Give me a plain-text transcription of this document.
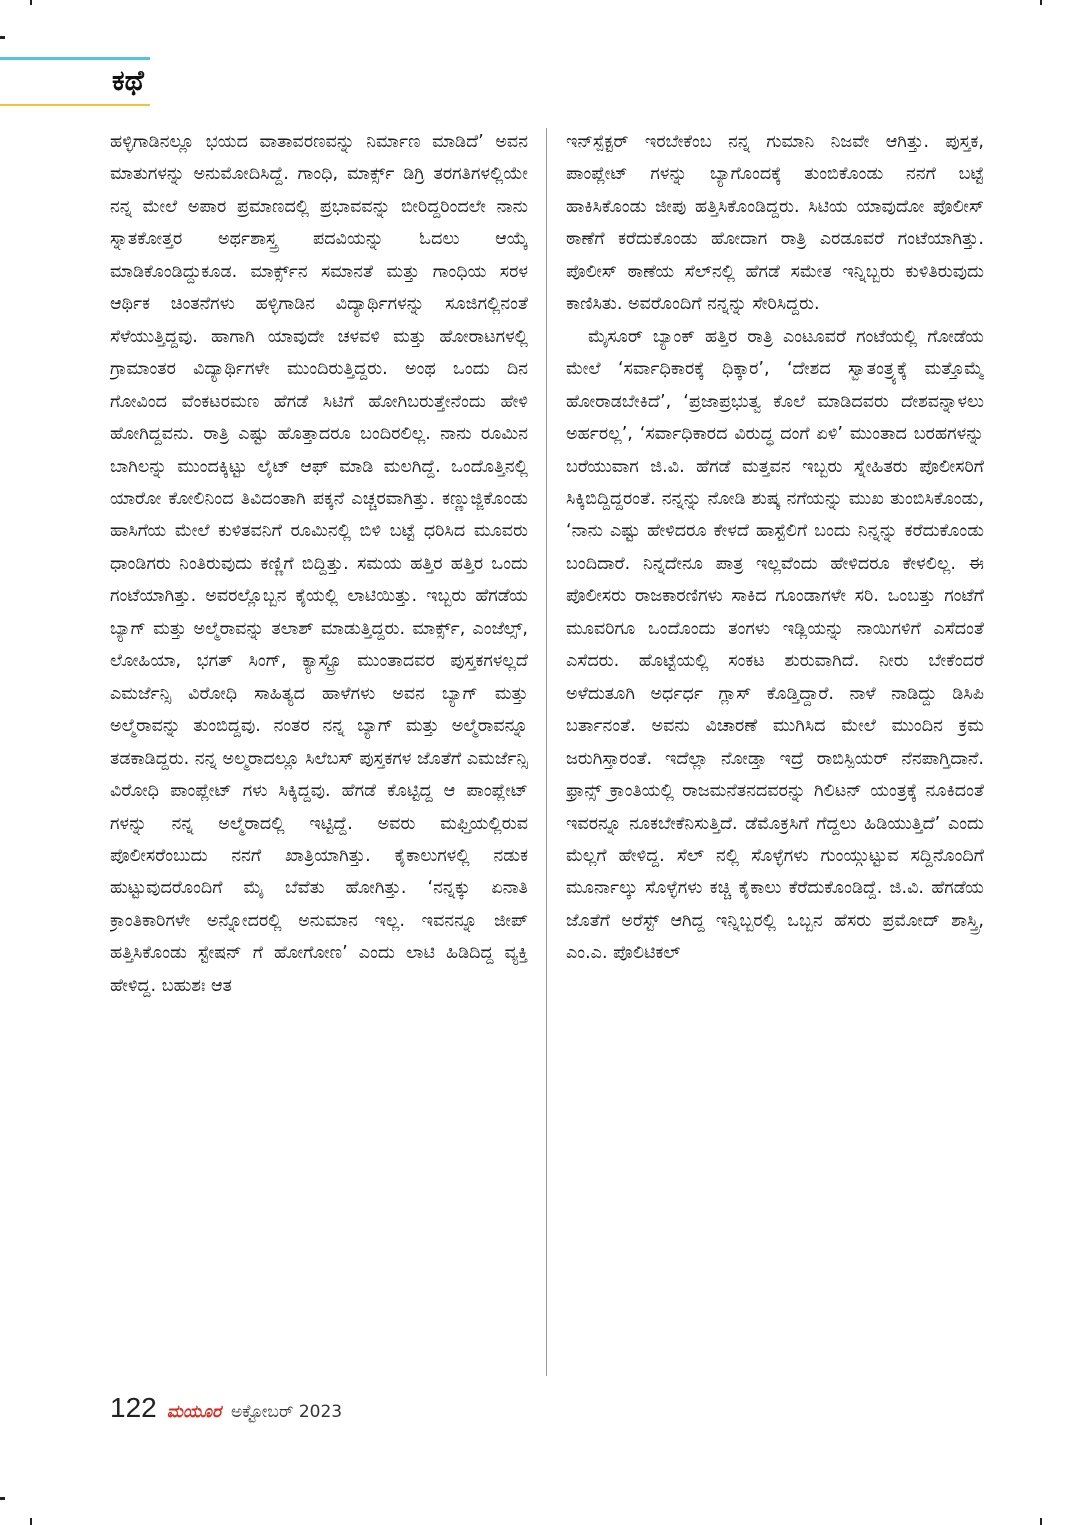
ಕಥೆ

ಹಳ್ಳಿಗಾಡಿನಲ್ಲೂ ಭಯದ ವಾತಾವರಣವನ್ನು ನಿರ್ಮಾಣ ಮಾಡಿದೆ’ ಅವನ ಮಾತುಗಳನ್ನು ಅನುಮೋದಿಸಿದ್ದೆ. ಗಾಂಧಿ, ಮಾರ್ಕ್ಸ್ ಡಿಗ್ರಿ ತರಗತಿಗಳಲ್ಲಿಯೇ ನನ್ನ ಮೇಲೆ ಅಪಾರ ಪ್ರಮಾಣದಲ್ಲಿ ಪ್ರಭಾವವನ್ನು ಬೀರಿದ್ದರಿಂದಲೇ ನಾನು ಸ್ನಾತಕೋತ್ತರ ಅರ್ಥಶಾಸ್ತ್ರ ಪದವಿಯನ್ನು ಓದಲು ಆಯ್ಕೆ ಮಾಡಿಕೊಂಡಿದ್ದುಕೂಡ. ಮಾರ್ಕ್ಸ್‌ನ ಸಮಾನತೆ ಮತ್ತು ಗಾಂಧಿಯ ಸರಳ ಆರ್ಥಿಕ ಚಿಂತನೆಗಳು ಹಳ್ಳಿಗಾಡಿನ ವಿದ್ಯಾರ್ಥಿಗಳನ್ನು ಸೂಜಿಗಲ್ಲಿನಂತೆ ಸೆಳೆಯುತ್ತಿದ್ದವು. ಹಾಗಾಗಿ ಯಾವುದೇ ಚಳವಳಿ ಮತ್ತು ಹೋರಾಟಗಳಲ್ಲಿ ಗ್ರಾಮಾಂತರ ವಿದ್ಯಾರ್ಥಿಗಳೇ ಮುಂದಿರುತ್ತಿದ್ದರು. ಅಂಥ ಒಂದು ದಿನ ಗೋವಿಂದ ವೆಂಕಟರಮಣ ಹೆಗಡೆ ಸಿಟಿಗೆ ಹೋಗಿಬರುತ್ತೇನೆಂದು ಹೇಳಿ ಹೋಗಿದ್ದವನು. ರಾತ್ರಿ ಎಷ್ಟು ಹೊತ್ತಾದರೂ ಬಂದಿರಲಿಲ್ಲ. ನಾನು ರೂಮಿನ ಬಾಗಿಲನ್ನು ಮುಂದಕ್ಕಿಟ್ಟು ಲೈಟ್ ಆಫ್ ಮಾಡಿ ಮಲಗಿದ್ದೆ. ಒಂದೊತ್ತಿನಲ್ಲಿ ಯಾರೋ ಕೋಲಿನಿಂದ ತಿವಿದಂತಾಗಿ ಪಕ್ಕನೆ ಎಚ್ಚರವಾಗಿತ್ತು. ಕಣ್ಣುಜ್ಜಿಕೊಂಡು ಹಾಸಿಗೆಯ ಮೇಲೆ ಕುಳಿತವನಿಗೆ ರೂಮಿನಲ್ಲಿ ಬಿಳಿ ಬಟ್ಟೆ ಧರಿಸಿದ ಮೂವರು ಧಾಂಡಿಗರು ನಿಂತಿರುವುದು ಕಣ್ಣಿಗೆ ಬಿದ್ದಿತ್ತು. ಸಮಯ ಹತ್ತಿರ ಹತ್ತಿರ ಒಂದು ಗಂಟೆಯಾಗಿತ್ತು. ಅವರಲ್ಲೊಬ್ಬನ ಕೈಯಲ್ಲಿ ಲಾಟಿಯಿತ್ತು. ಇಬ್ಬರು ಹೆಗಡೆಯ ಬ್ಯಾಗ್ ಮತ್ತು ಅಲ್ಮೆರಾವನ್ನು ತಲಾಶ್ ಮಾಡುತ್ತಿದ್ದರು. ಮಾರ್ಕ್ಸ್, ಎಂಜೆಲ್ಸ್, ಲೋಹಿಯಾ, ಭಗತ್ ಸಿಂಗ್, ಕ್ಯಾಸ್ಟ್ರೊ ಮುಂತಾದವರ ಪುಸ್ತಕಗಳಲ್ಲದೆ ಎಮರ್ಜೆನ್ಸಿ ವಿರೋಧಿ ಸಾಹಿತ್ಯದ ಹಾಳೆಗಳು ಅವನ ಬ್ಯಾಗ್ ಮತ್ತು ಅಲ್ಮೆರಾವನ್ನು ತುಂಬಿದ್ದವು. ನಂತರ ನನ್ನ ಬ್ಯಾಗ್ ಮತ್ತು ಅಲ್ಮೆರಾವನ್ನೂ ತಡಕಾಡಿದ್ದರು. ನನ್ನ ಅಲ್ಮರಾದಲ್ಲೂ ಸಿಲೆಬಸ್ ಪುಸ್ತಕಗಳ ಜೊತೆಗೆ ಎಮರ್ಜೆನ್ಸಿ ವಿರೋಧಿ ಪಾಂಪ್ಲೇಟ್ ಗಳು ಸಿಕ್ಕಿದ್ದವು. ಹೆಗಡೆ ಕೊಟ್ಟಿದ್ದ ಆ ಪಾಂಪ್ಲೇಟ್ ಗಳನ್ನು ನನ್ನ ಅಲ್ಮೆರಾದಲ್ಲಿ ಇಟ್ಟಿದ್ದೆ. ಅವರು ಮಫ್ತಿಯಲ್ಲಿರುವ ಪೊಲೀಸರೆಂಬುದು ನನಗೆ ಖಾತ್ರಿಯಾಗಿತ್ತು. ಕೈಕಾಲುಗಳಲ್ಲಿ ನಡುಕ ಹುಟ್ಟುವುದರೊಂದಿಗೆ ಮೈ ಬೆವೆತು ಹೋಗಿತ್ತು. ‘ನನ್ನಕ್ಕು ಏನಾತಿ ಕ್ರಾಂತಿಕಾರಿಗಳೇ ಅನ್ನೋದರಲ್ಲಿ ಅನುಮಾನ ಇಲ್ಲ. ಇವನನ್ನೂ ಜೀಪ್ ಹತ್ತಿಸಿಕೊಂಡು ಸ್ಟೇಷನ್ ಗೆ ಹೋಗೋಣ’ ಎಂದು ಲಾಟಿ ಹಿಡಿದಿದ್ದ ವ್ಯಕ್ತಿ ಹೇಳಿದ್ದ. ಬಹುಶಃ ಆತ

ಇನ್‌ಸ್ಪೆಕ್ಟರ್ ಇರಬೇಕೆಂಬ ನನ್ನ ಗುಮಾನಿ ನಿಜವೇ ಆಗಿತ್ತು. ಪುಸ್ತಕ, ಪಾಂಪ್ಲೇಟ್ ಗಳನ್ನು ಬ್ಯಾಗೊಂದಕ್ಕೆ ತುಂಬಿಕೊಂಡು ನನಗೆ ಬಟ್ಟೆ ಹಾಕಿಸಿಕೊಂಡು ಜೀಪು ಹತ್ತಿಸಿಕೊಂಡಿದ್ದರು. ಸಿಟಿಯ ಯಾವುದೋ ಪೊಲೀಸ್ ಠಾಣೆಗೆ ಕರೆದುಕೊಂಡು ಹೋದಾಗ ರಾತ್ರಿ ಎರಡೂವರೆ ಗಂಟೆಯಾಗಿತ್ತು. ಪೊಲೀಸ್ ಠಾಣೆಯ ಸೆಲ್‌ನಲ್ಲಿ ಹೆಗಡೆ ಸಮೇತ ಇನ್ನಿಬ್ಬರು ಕುಳಿತಿರುವುದು ಕಾಣಿಸಿತು. ಅವರೊಂದಿಗೆ ನನ್ನನ್ನು ಸೇರಿಸಿದ್ದರು.

ಮೈಸೂರ್ ಬ್ಯಾಂಕ್ ಹತ್ತಿರ ರಾತ್ರಿ ಎಂಟೂವರೆ ಗಂಟೆಯಲ್ಲಿ ಗೋಡೆಯ ಮೇಲೆ ‘ಸರ್ವಾಧಿಕಾರಕ್ಕೆ ಧಿಕ್ಕಾರ’, ‘ದೇಶದ ಸ್ವಾತಂತ್ರ್ಯಕ್ಕೆ ಮತ್ತೊಮ್ಮೆ ಹೋರಾಡಬೇಕಿದೆ’, ‘ಪ್ರಜಾಪ್ರಭುತ್ವ ಕೊಲೆ ಮಾಡಿದವರು ದೇಶವನ್ನಾಳಲು ಅರ್ಹರಲ್ಲ’, ‘ಸರ್ವಾಧಿಕಾರದ ವಿರುದ್ಧ ದಂಗೆ ಏಳಿ’ ಮುಂತಾದ ಬರಹಗಳನ್ನು ಬರೆಯುವಾಗ ಜಿ.ವಿ. ಹೆಗಡೆ ಮತ್ತವನ ಇಬ್ಬರು ಸ್ನೇಹಿತರು ಪೊಲೀಸರಿಗೆ ಸಿಕ್ಕಿಬಿದ್ದಿದ್ದರಂತೆ. ನನ್ನನ್ನು ನೋಡಿ ಶುಷ್ಕ ನಗೆಯನ್ನು ಮುಖ ತುಂಬಿಸಿಕೊಂಡು, ‘ನಾನು ಎಷ್ಟು ಹೇಳಿದರೂ ಕೇಳದೆ ಹಾಸ್ಟೆಲಿಗೆ ಬಂದು ನಿನ್ನನ್ನು ಕರೆದುಕೊಂಡು ಬಂದಿದಾರೆ. ನಿನ್ನದೇನೂ ಪಾತ್ರ ಇಲ್ಲವೆಂದು ಹೇಳಿದರೂ ಕೇಳಲಿಲ್ಲ. ಈ ಪೊಲೀಸರು ರಾಜಕಾರಣಿಗಳು ಸಾಕಿದ ಗೂಂಡಾಗಳೇ ಸರಿ. ಒಂಬತ್ತು ಗಂಟೆಗೆ ಮೂವರಿಗೂ ಒಂದೊಂದು ತಂಗಳು ಇಡ್ಲಿಯನ್ನು ನಾಯಿಗಳಿಗೆ ಎಸೆದಂತೆ ಎಸೆದರು. ಹೊಟ್ಟೆಯಲ್ಲಿ ಸಂಕಟ ಶುರುವಾಗಿದೆ. ನೀರು ಬೇಕೆಂದರೆ ಅಳೆದುತೂಗಿ ಅರ್ಧರ್ಧ ಗ್ಲಾಸ್ ಕೊಡ್ತಿದ್ದಾರೆ. ನಾಳೆ ನಾಡಿದ್ದು ಡಿಸಿಪಿ ಬರ್ತಾನಂತೆ. ಅವನು ವಿಚಾರಣೆ ಮುಗಿಸಿದ ಮೇಲೆ ಮುಂದಿನ ಕ್ರಮ ಜರುಗಿಸ್ತಾರಂತೆ. ಇದೆಲ್ಲಾ ನೋಡ್ತಾ ಇದ್ರೆ ರಾಬಿಸ್ಪಿಯರ್ ನೆನಪಾಗ್ತಿದಾನೆ. ಫ್ರಾನ್ಸ್ ಕ್ರಾಂತಿಯಲ್ಲಿ ರಾಜಮನೆತನದವರನ್ನು ಗಿಲಿಟನ್ ಯಂತ್ರಕ್ಕೆ ನೂಕಿದಂತೆ ಇವರನ್ನೂ ನೂಕಬೇಕೆನಿಸುತ್ತಿದೆ. ಡೆಮೊಕ್ರಸಿಗೆ ಗೆದ್ದಲು ಹಿಡಿಯುತ್ತಿದೆ’ ಎಂದು ಮೆಲ್ಲಗೆ ಹೇಳಿದ್ದ. ಸೆಲ್ ನಲ್ಲಿ ಸೊಳ್ಳೆಗಳು ಗುಂಯ್ಗುಟ್ಟುವ ಸದ್ದಿನೊಂದಿಗೆ ಮೂರ್ನಾಲ್ಕು ಸೊಳ್ಳೆಗಳು ಕಚ್ಚಿ ಕೈಕಾಲು ಕೆರೆದುಕೊಂಡಿದ್ದೆ. ಜಿ.ವಿ. ಹೆಗಡೆಯ ಜೊತೆಗೆ ಅರೆಸ್ಟ್ ಆಗಿದ್ದ ಇನ್ನಿಬ್ಬರಲ್ಲಿ ಒಬ್ಬನ ಹೆಸರು ಪ್ರಮೋದ್ ಶಾಸ್ತ್ರಿ, ಎಂ.ಎ. ಪೊಲಿಟಿಕಲ್

122 ಮಯೂರ ಅಕ್ಟೋಬರ್ 2023
